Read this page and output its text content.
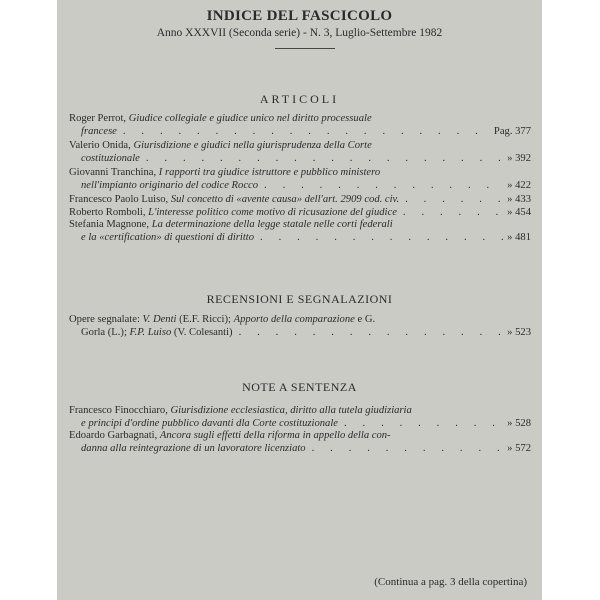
INDICE DEL FASCICOLO
Anno XXXVII (Seconda serie) - N. 3, Luglio-Settembre 1982
ARTICOLI
Roger Perrot, Giudice collegiale e giudice unico nel diritto processuale
francese .	Pag. 377
Valerio Onida, Giurisdizione e giudici nella giurisprudenza della Corte
costituzionale .	» 392
Giovanni Tranchina, I rapporti tra giudice istruttore e pubblico ministero
nell'impianto originario del codice Rocco .	» 422
Francesco Paolo Luiso,
Sul concetto di «avente causa» dell'art. 2909 cod. civ. .	» 433
Roberto Romboli,
L'interesse politico come motivo di ricusazione del giudice .	» 454
Stefania Magnone, La determinazione della legge statale nelle corti federali
e la «certification» di questioni di diritto .	» 481
RECENSIONI E SEGNALAZIONI
Opere segnalate: V. Denti (E.F. Ricci); Apporto della comparazione e G.
Gorla (L.);
F.P. Luiso
(V. Colesanti) .	» 523
NOTE A SENTENZA
Francesco Finocchiaro, Giurisdizione ecclesiastica, diritto alla tutela giudiziaria
e principi d'ordine pubblico davanti dla Corte costituzionale .	» 528
Edoardo Garbagnati, Ancora sugli effetti della riforma in appello della con-
danna alla reintegrazione di un lavoratore licenziato .	» 572
(Continua a pag. 3 della copertina)
